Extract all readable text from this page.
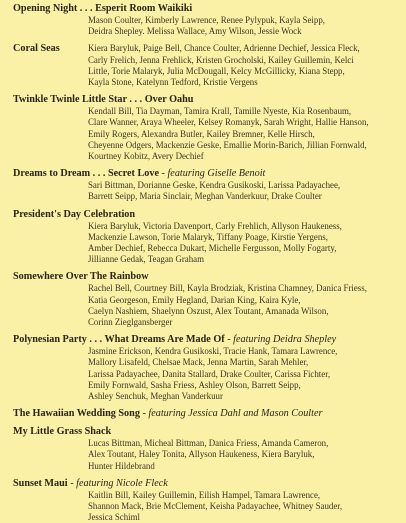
Opening Night . . . Esperit Room Waikiki
Mason Coulter, Kimberly Lawrence, Renee Pylypuk, Kayla Seipp,
Deidra Shepley. Melissa Wallace, Amy Wilson, Jessie Wock
Coral Seas	Kiera Baryluk, Paige Bell, Chance Coulter, Adrienne Dechief, Jessica Fleck,
Carly Frelich, Jenna Frehlick, Kristen Grocholski, Kailey Guillemin, Kelci
Little, Torie Malaryk, Julia McDougall, Kelcy McGillicky, Kiana Stepp,
Kayla Stone, Katelynn Tedford, Kristie Vergens
Twinkle Twinle Little Star . . . Over Oahu
Kendall Bill, Tia Dayman, Tamira Krall, Tamille Nyeste, Kia Rosenbaum,
Clare Wanner, Araya Wheeler, Kelsey Romanyk, Sarah Wright, Hallie Hanson,
Emily Rogers, Alexandra Butler, Kailey Bremner, Kelle Hirsch,
Cheyenne Odgers, Mackenzie Geske, Emallie Morin-Barich, Jillian Fornwald,
Kourtney Kobitz, Avery Dechief
Dreams to Dream . . . Secret Love - featuring Giselle Benoit
Sari Bittman, Dorianne Geske, Kendra Gusikoski, Larissa Padayachee,
Barrett Seipp, Maria Sinclair, Meghan Vanderkuur, Drake Coulter
President's Day Celebration
Kiera Baryluk, Victoria Davenport, Carly Frehlich, Allyson Haukeness,
Mackenzie Lawson, Torie Malaryk, Tiffany Poage, Kirstie Yergens,
Amber Dechief, Rebecca Dukart, Michelle Fergusson, Molly Fogarty,
Jillianne Gedak, Teagan Graham
Somewhere Over The Rainbow
Rachel Bell, Courtney Bill, Kayla Brodziak, Kristina Chamney, Danica Friess,
Katia Georgeson, Emily Hegland, Darian King, Kaira Kyle,
Caelyn Nashiem, Shaelynn Oszust, Alex Toutant, Amanada Wilson,
Corinn Zieglgansberger
Polynesian Party . . . What Dreams Are Made Of - featuring Deidra Shepley
Jasmine Erickson, Kendra Gusikoski, Tracie Hank, Tamara Lawrence,
Mallory Lisafeld, Chelsae Mack, Jenna Martin, Sarah Mehler,
Larissa Padayachee, Danita Stallard, Drake Coulter, Carissa Fichter,
Emily Fornwald, Sasha Friess, Ashley Olson, Barrett Seipp,
Ashley Senchuk, Meghan Vanderkuur
The Hawaiian Wedding Song - featuring Jessica Dahl and Mason Coulter
My Little Grass Shack
Lucas Bittman, Micheal Bittman, Danica Friess, Amanda Cameron,
Alex Toutant, Haley Tonita, Allyson Haukeness, Kiera Baryluk,
Hunter Hildebrand
Sunset Maui - featuring Nicole Fleck
Kaitlin Bill, Kailey Guillemin, Eilish Hampel, Tamara Lawrence,
Shannon Mack, Brie McClement, Keisha Padayachee, Whitney Sauder,
Jessica Schiml
